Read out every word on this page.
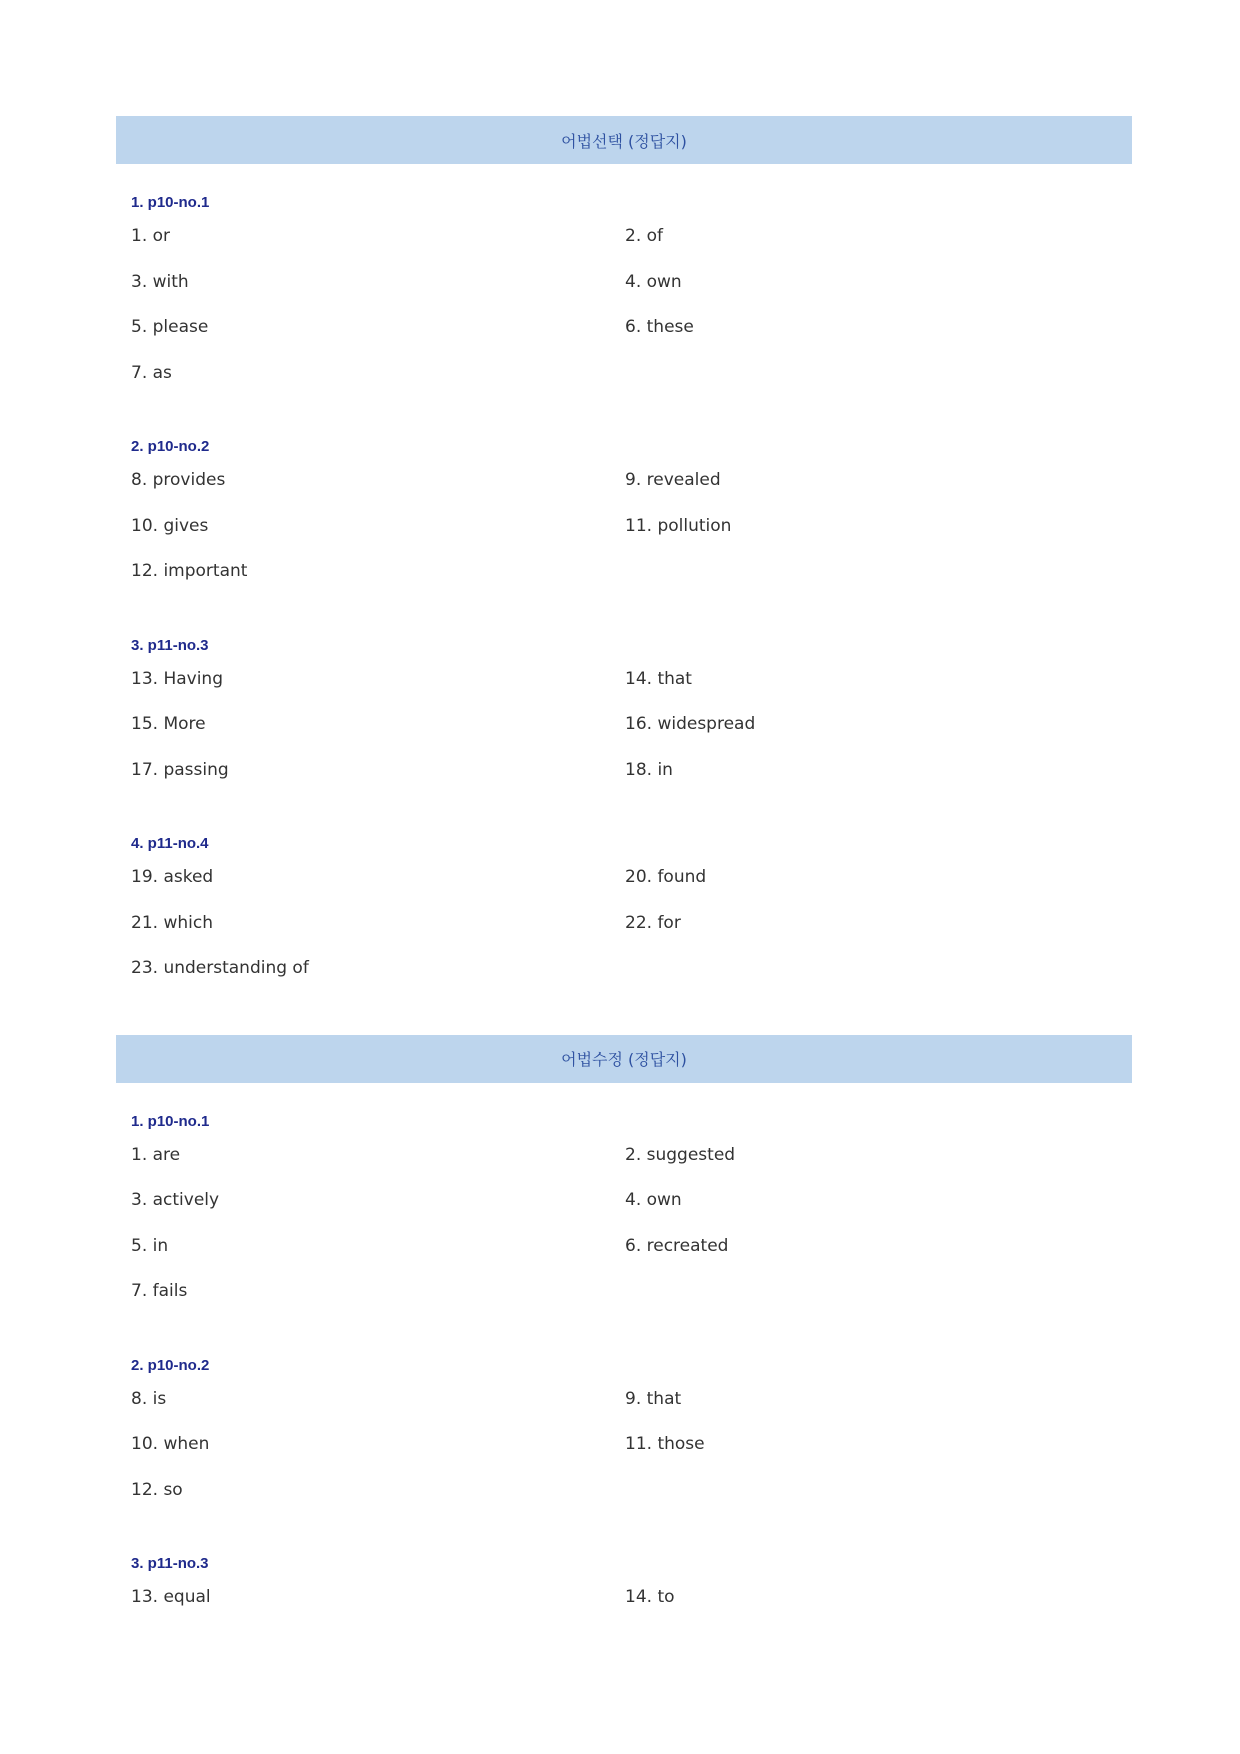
어법선택 (정답지)
1. p10-no.1
1. or	2. of
3. with	4. own
5. please	6. these
7. as
2. p10-no.2
8. provides	9. revealed
10. gives	11. pollution
12. important
3. p11-no.3
13. Having	14. that
15. More	16. widespread
17. passing	18. in
4. p11-no.4
19. asked	20. found
21. which	22. for
23. understanding of
어법수정 (정답지)
1. p10-no.1
1. are	2. suggested
3. actively	4. own
5. in	6. recreated
7. fails
2. p10-no.2
8. is	9. that
10. when	11. those
12. so
3. p11-no.3
13. equal	14. to
